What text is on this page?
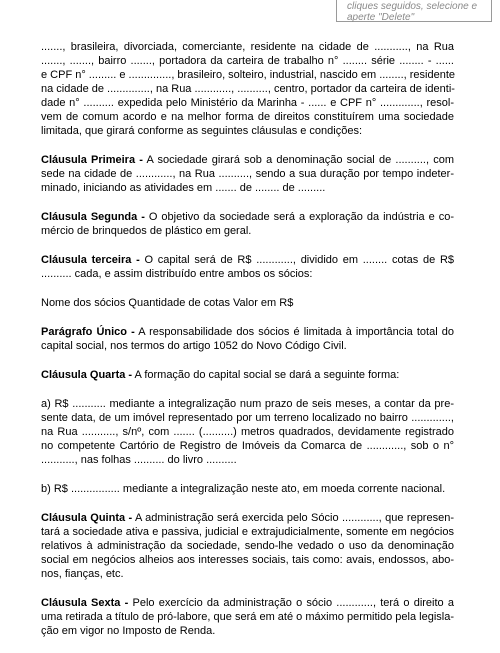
cliques seguidos, selecione e
aperte "Delete"
......., brasileira, divorciada, comerciante, residente na cidade de ..........., na Rua
......., ......., bairro ......., portadora da carteira de trabalho n° ........ série ........ - ......
e CPF n° ......... e .............., brasileiro, solteiro, industrial, nascido em ........, residente
na cidade de .............., na Rua ............, .........., centro, portador da carteira de identi-
dade n° .......... expedida pelo Ministério da Marinha - ...... e CPF n° ............., resol-
vem de comum acordo e na melhor forma de direitos constituírem uma sociedade
limitada, que girará conforme as seguintes cláusulas e condições:
Cláusula Primeira - A sociedade girará sob a denominação social de .........., com
sede na cidade de ............, na Rua .........., sendo a sua duração por tempo indeter-
minado, iniciando as atividades em ....... de ........ de .........
Cláusula Segunda - O objetivo da sociedade será a exploração da indústria e co-
mércio de brinquedos de plástico em geral.
Cláusula terceira - O capital será de R$ ............, dividido em ........ cotas de R$
.......... cada, e assim distribuído entre ambos os sócios:
Nome dos sócios Quantidade de cotas Valor em R$
Parágrafo Único - A responsabilidade dos sócios é limitada à importância total do
capital social, nos termos do artigo 1052 do Novo Código Civil.
Cláusula Quarta - A formação do capital social se dará a seguinte forma:
a) R$ ........... mediante a integralização num prazo de seis meses, a contar da pre-
sente data, de um imóvel representado por um terreno localizado no bairro .............,
na Rua ..........., s/nº, com ....... (..........) metros quadrados, devidamente registrado
no competente Cartório de Registro de Imóveis da Comarca de ............, sob o n°
..........., nas folhas .......... do livro ..........
b) R$ ................ mediante a integralização neste ato, em moeda corrente nacional.
Cláusula Quinta - A administração será exercida pelo Sócio ............, que represen-
tará a sociedade ativa e passiva, judicial e extrajudicialmente, somente em negócios
relativos à administração da sociedade, sendo-lhe vedado o uso da denominação
social em negócios alheios aos interesses sociais, tais como: avais, endossos, abo-
nos, fianças, etc.
Cláusula Sexta - Pelo exercício da administração o sócio ............, terá o direito a
uma retirada a título de pró-labore, que será em até o máximo permitido pela legisla-
ção em vigor no Imposto de Renda.
